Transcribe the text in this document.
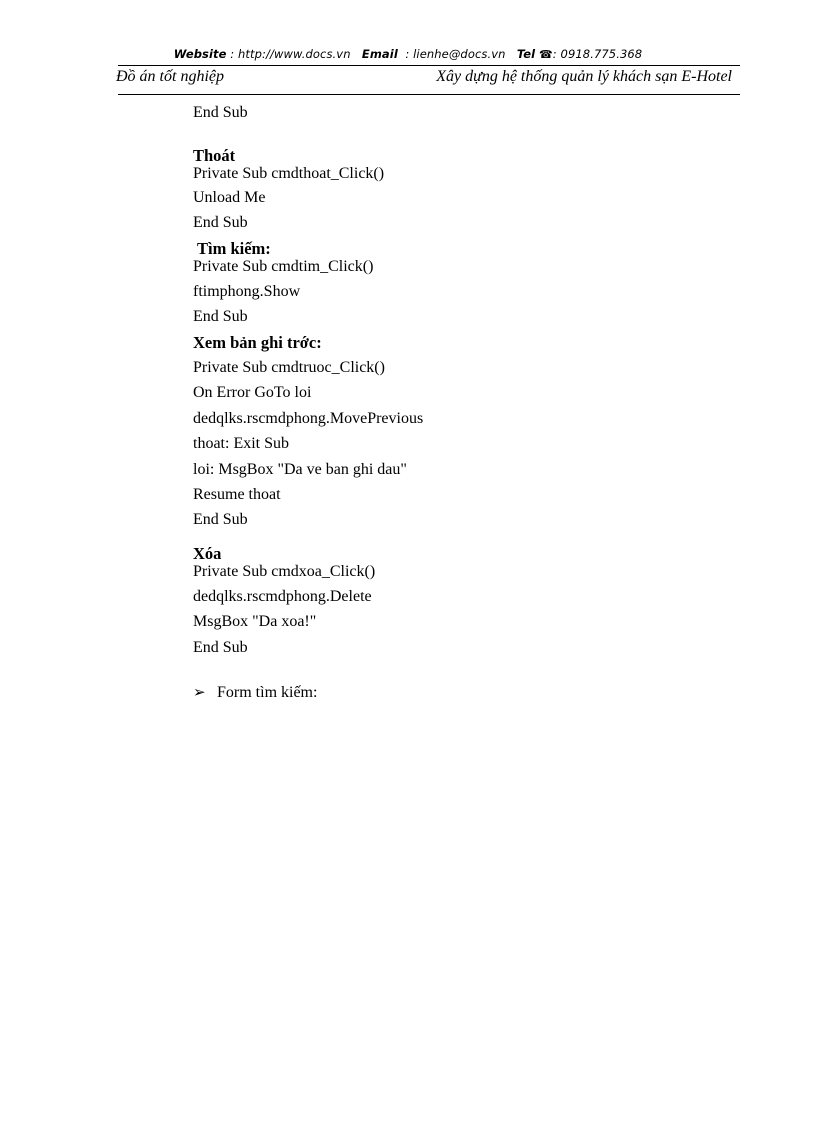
Website : http://www.docs.vn Email : lienhe@docs.vn Tel ☎: 0918.775.368
Đồ án tốt nghiệp	Xây dựng hệ thống quản lý khách sạn E-Hotel
End Sub
Thoát
Private Sub cmdthoat_Click()
Unload Me
End Sub
Tìm kiếm:
Private Sub cmdtim_Click()
ftimphong.Show
End Sub
Xem bản ghi trớc:
Private Sub cmdtruoc_Click()
On Error GoTo loi
dedqlks.rscmdphong.MovePrevious
thoat: Exit Sub
loi: MsgBox "Da ve ban ghi dau"
Resume thoat
End Sub
Xóa
Private Sub cmdxoa_Click()
dedqlks.rscmdphong.Delete
MsgBox "Da xoa!"
End Sub
➢ Form tìm kiếm:
